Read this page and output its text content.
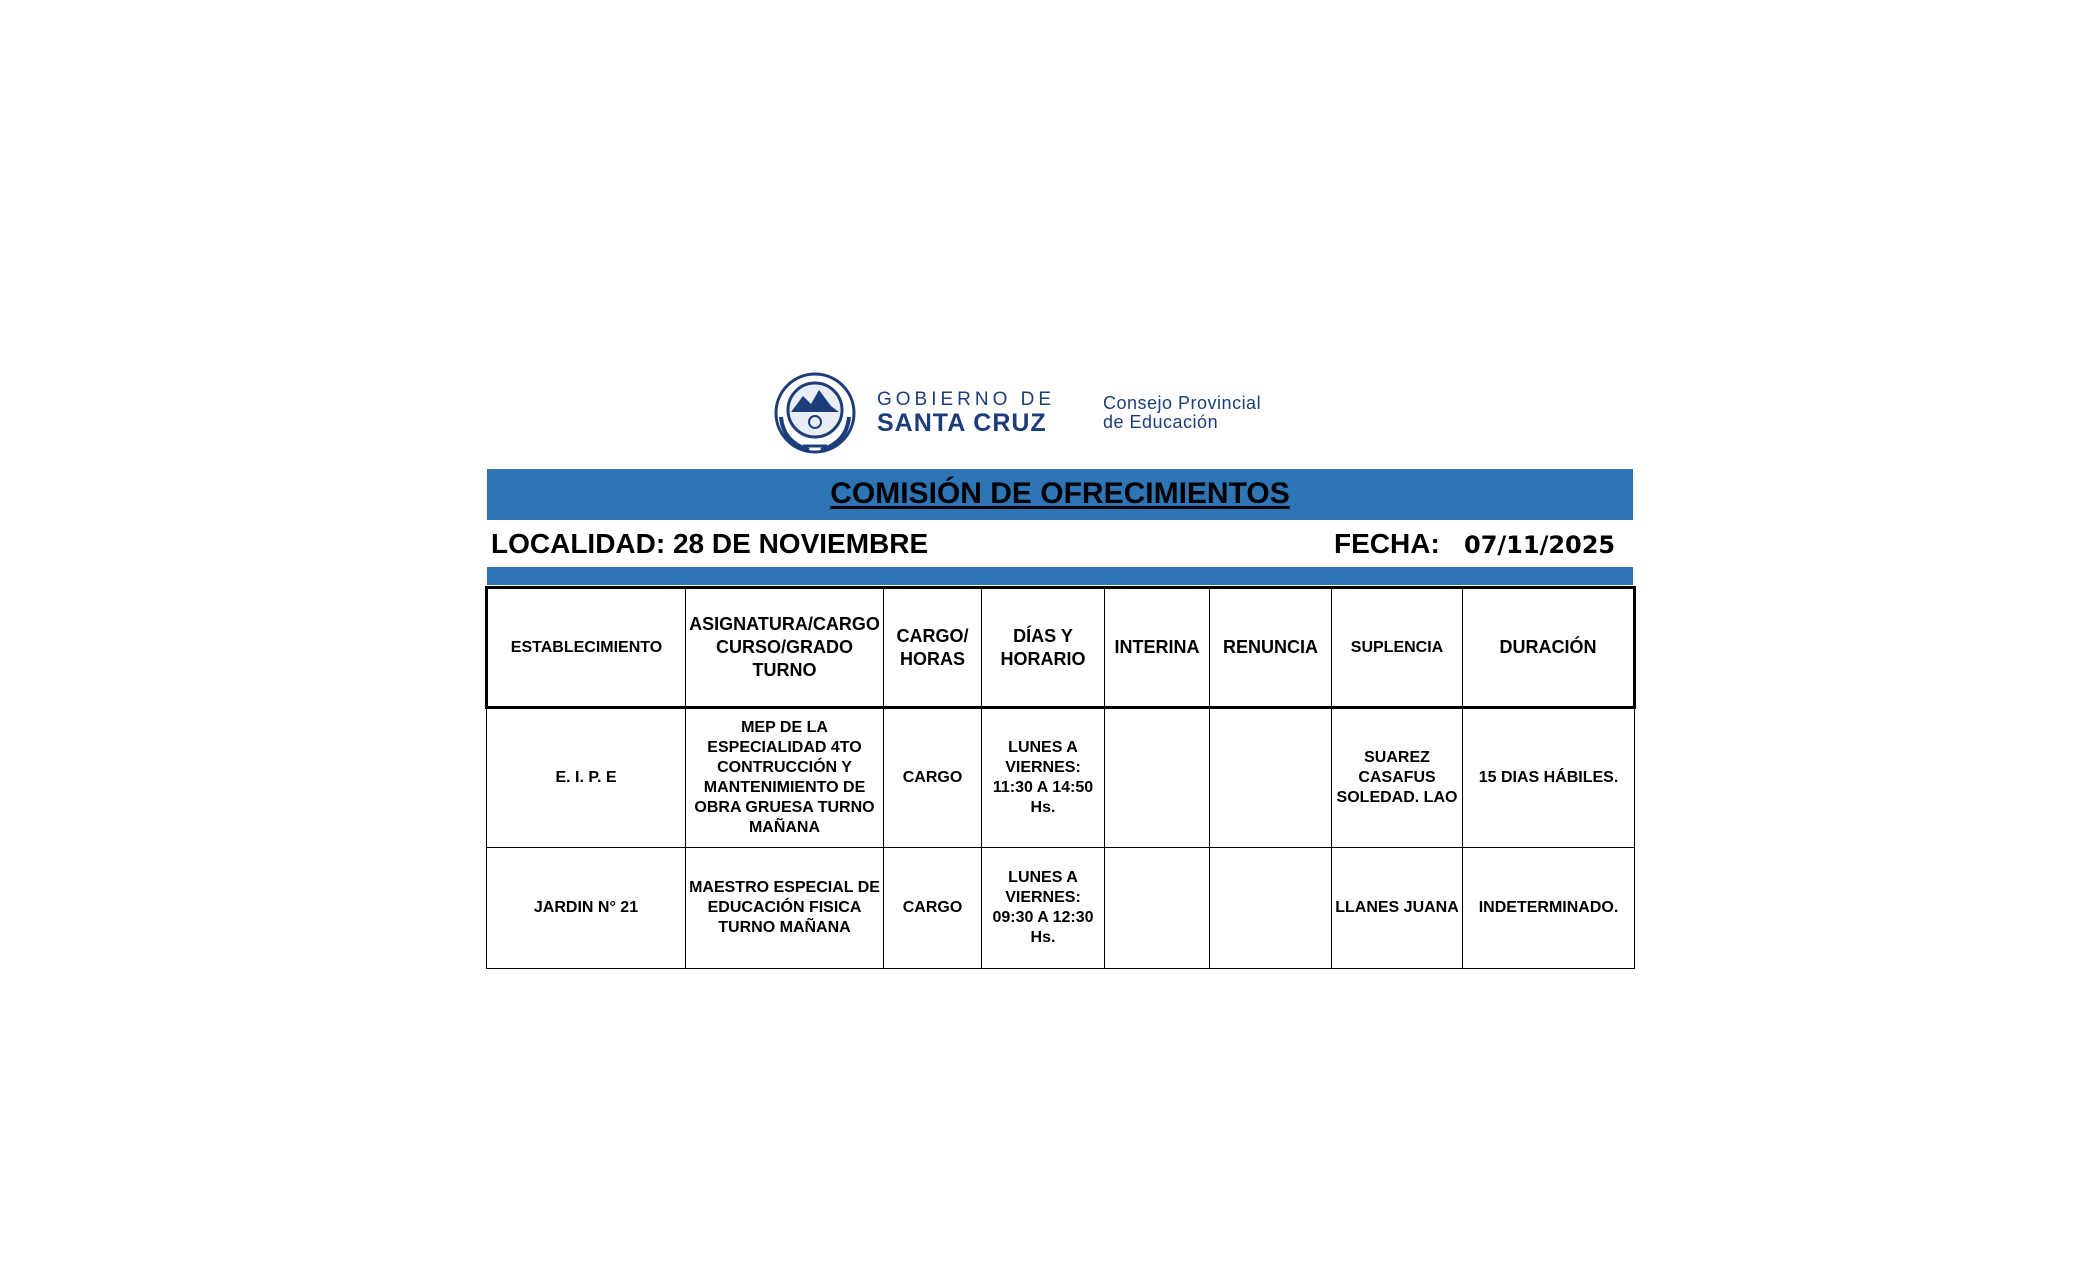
GOBIERNO DE
SANTA CRUZ
Consejo Provincial
de Educación
COMISIÓN DE OFRECIMIENTOS
LOCALIDAD: 28 DE NOVIEMBRE	FECHA: 07/11/2025
ESTABLECIMIENTO	ASIGNATURA/CARGO CURSO/GRADO TURNO	CARGO/ HORAS	DÍAS Y HORARIO	INTERINA	RENUNCIA	SUPLENCIA	DURACIÓN
E. I. P. E	MEP DE LA ESPECIALIDAD 4TO CONTRUCCIÓN Y MANTENIMIENTO DE OBRA GRUESA TURNO MAÑANA	CARGO	LUNES A VIERNES: 11:30 A 14:50 Hs.			SUAREZ CASAFUS SOLEDAD. LAO	15 DIAS HÁBILES.
JARDIN N° 21	MAESTRO ESPECIAL DE EDUCACIÓN FISICA TURNO MAÑANA	CARGO	LUNES A VIERNES: 09:30 A 12:30 Hs.			LLANES JUANA	INDETERMINADO.
